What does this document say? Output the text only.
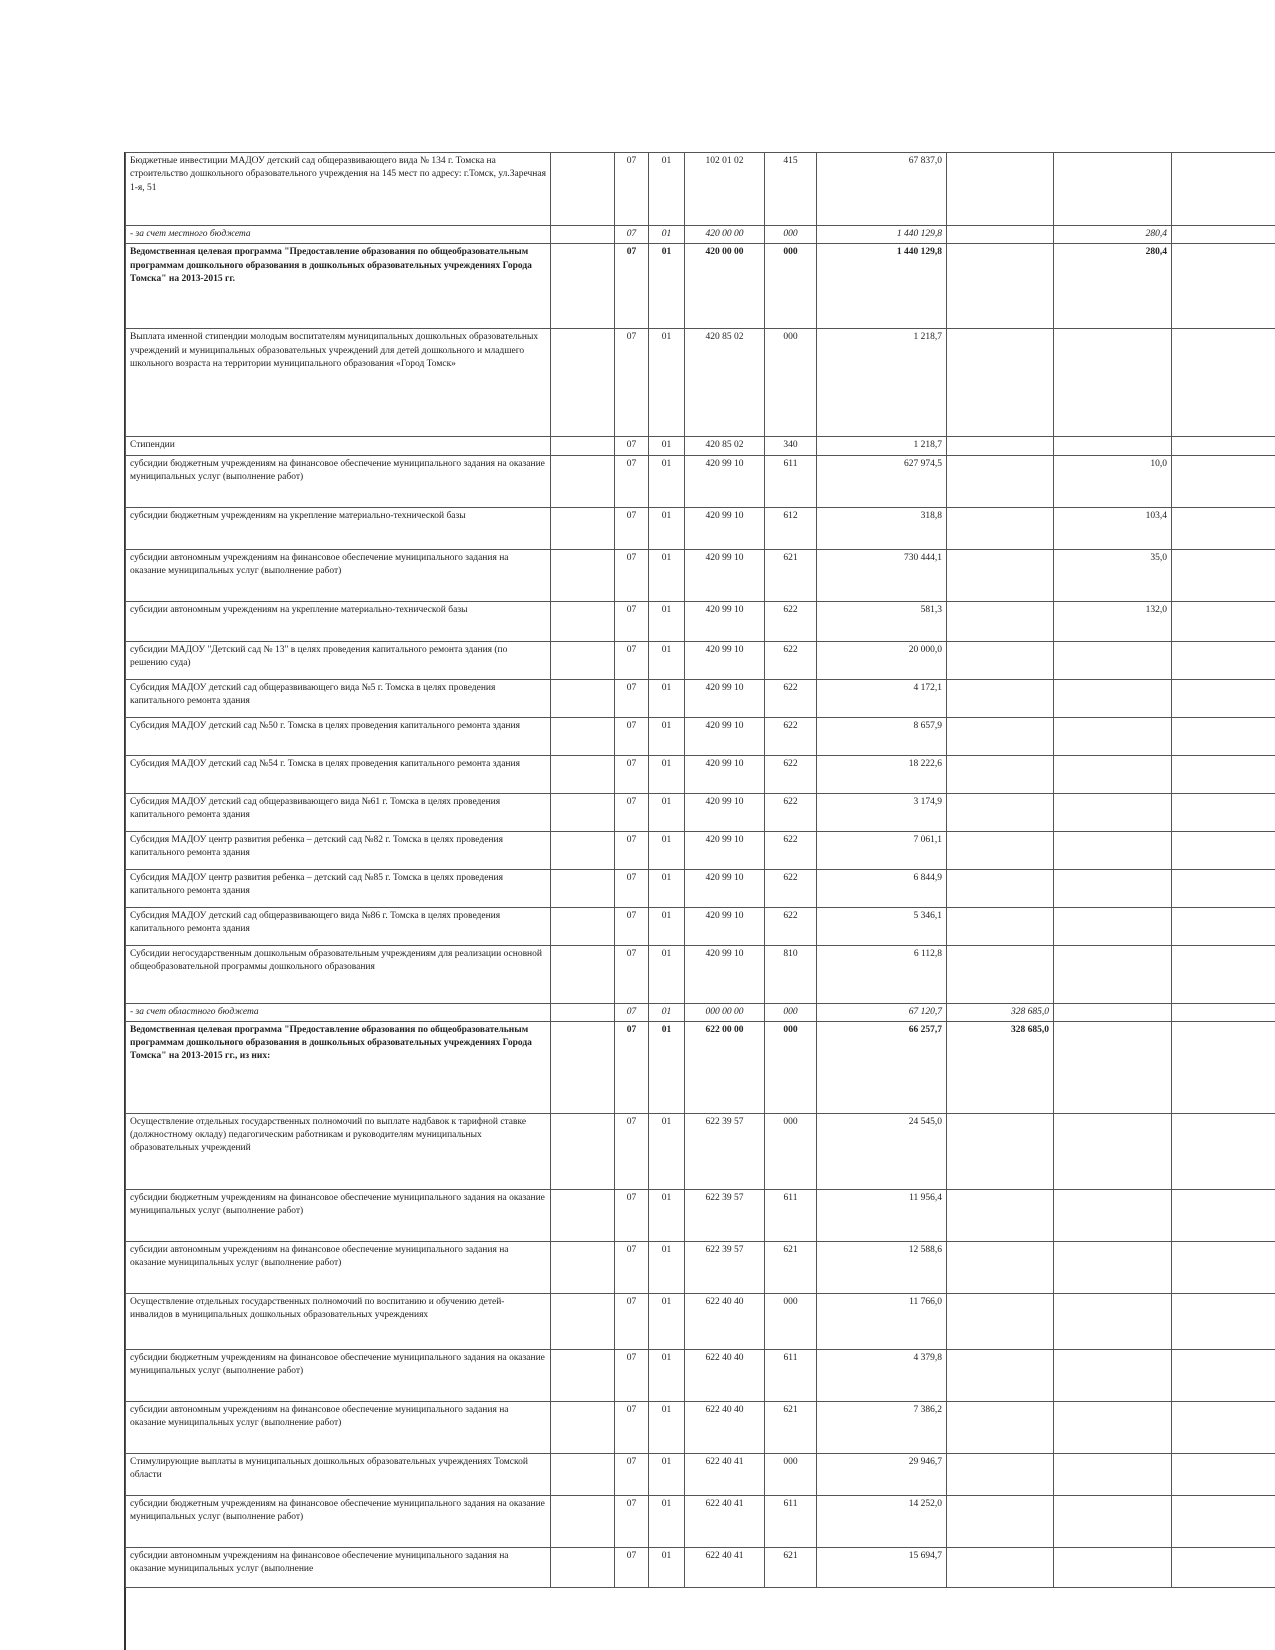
Бюджетные инвестиции МАДОУ детский сад общеразвивающего вида № 134 г. Томска на строительство дошкольного образовательного учреждения на 145 мест по адресу: г.Томск, ул.Заречная 1-я, 51		07	01	102 01 02	415	67 837,0			
- за счет местного бюджета		07	01	420 00 00	000	1 440 129,8		280,4	
Ведомственная целевая программа "Предоставление образования по общеобразовательным программам дошкольного образования в дошкольных образовательных учреждениях Города Томска" на 2013-2015 гг.		07	01	420 00 00	000	1 440 129,8		280,4	
Выплата именной стипендии молодым воспитателям муниципальных дошкольных образовательных учреждений и муниципальных образовательных учреждений для детей дошкольного и младшего школьного возраста на территории муниципального образования «Город Томск»		07	01	420 85 02	000	1 218,7			
Стипендии		07	01	420 85 02	340	1 218,7			
субсидии бюджетным учреждениям на финансовое обеспечение муниципального задания на оказание муниципальных услуг (выполнение работ)		07	01	420 99 10	611	627 974,5		10,0	
субсидии бюджетным учреждениям на укрепление материально-технической базы		07	01	420 99 10	612	318,8		103,4	
субсидии автономным учреждениям на финансовое обеспечение муниципального задания на оказание муниципальных услуг (выполнение работ)		07	01	420 99 10	621	730 444,1		35,0	
субсидии автономным учреждениям на укрепление материально-технической базы		07	01	420 99 10	622	581,3		132,0	
субсидии МАДОУ "Детский сад № 13" в целях проведения капитального ремонта здания (по решению суда)		07	01	420 99 10	622	20 000,0			
Субсидия МАДОУ детский сад общеразвивающего вида №5 г. Томска в целях проведения капитального ремонта здания		07	01	420 99 10	622	4 172,1			
Субсидия МАДОУ детский сад №50 г. Томска в целях проведения капитального ремонта здания		07	01	420 99 10	622	8 657,9			
Субсидия МАДОУ детский сад №54 г. Томска в целях проведения капитального ремонта здания		07	01	420 99 10	622	18 222,6			
Субсидия МАДОУ детский сад общеразвивающего вида №61 г. Томска в целях проведения капитального ремонта здания		07	01	420 99 10	622	3 174,9			
Субсидия МАДОУ центр развития ребенка – детский сад №82 г. Томска в целях проведения капитального ремонта здания		07	01	420 99 10	622	7 061,1			
Субсидия МАДОУ центр развития ребенка – детский сад №85 г. Томска в целях проведения капитального ремонта здания		07	01	420 99 10	622	6 844,9			
Субсидия МАДОУ детский сад общеразвивающего вида №86 г. Томска в целях проведения капитального ремонта здания		07	01	420 99 10	622	5 346,1			
Субсидии негосударственным дошкольным образовательным учреждениям для реализации основной общеобразовательной программы дошкольного образования		07	01	420 99 10	810	6 112,8			
- за счет областного бюджета		07	01	000 00 00	000	67 120,7	328 685,0		
Ведомственная целевая программа "Предоставление образования по общеобразовательным программам дошкольного образования в дошкольных образовательных учреждениях Города Томска" на 2013-2015 гг., из них:		07	01	622 00 00	000	66 257,7	328 685,0		
Осуществление отдельных государственных полномочий по выплате надбавок к тарифной ставке (должностному окладу) педагогическим работникам и руководителям муниципальных образовательных учреждений		07	01	622 39 57	000	24 545,0			
субсидии бюджетным учреждениям на финансовое обеспечение муниципального задания на оказание муниципальных услуг (выполнение работ)		07	01	622 39 57	611	11 956,4			
субсидии автономным учреждениям на финансовое обеспечение муниципального задания на оказание муниципальных услуг (выполнение работ)		07	01	622 39 57	621	12 588,6			
Осуществление отдельных государственных полномочий по воспитанию и обучению детей-инвалидов в муниципальных дошкольных образовательных учреждениях		07	01	622 40 40	000	11 766,0			
субсидии бюджетным учреждениям на финансовое обеспечение муниципального задания на оказание муниципальных услуг (выполнение работ)		07	01	622 40 40	611	4 379,8			
субсидии автономным учреждениям на финансовое обеспечение муниципального задания на оказание муниципальных услуг (выполнение работ)		07	01	622 40 40	621	7 386,2			
Стимулирующие выплаты в муниципальных дошкольных образовательных учреждениях Томской области		07	01	622 40 41	000	29 946,7			
субсидии бюджетным учреждениям на финансовое обеспечение муниципального задания на оказание муниципальных услуг (выполнение работ)		07	01	622 40 41	611	14 252,0			
субсидии автономным учреждениям на финансовое обеспечение муниципального задания на оказание муниципальных услуг (выполнение		07	01	622 40 41	621	15 694,7			
